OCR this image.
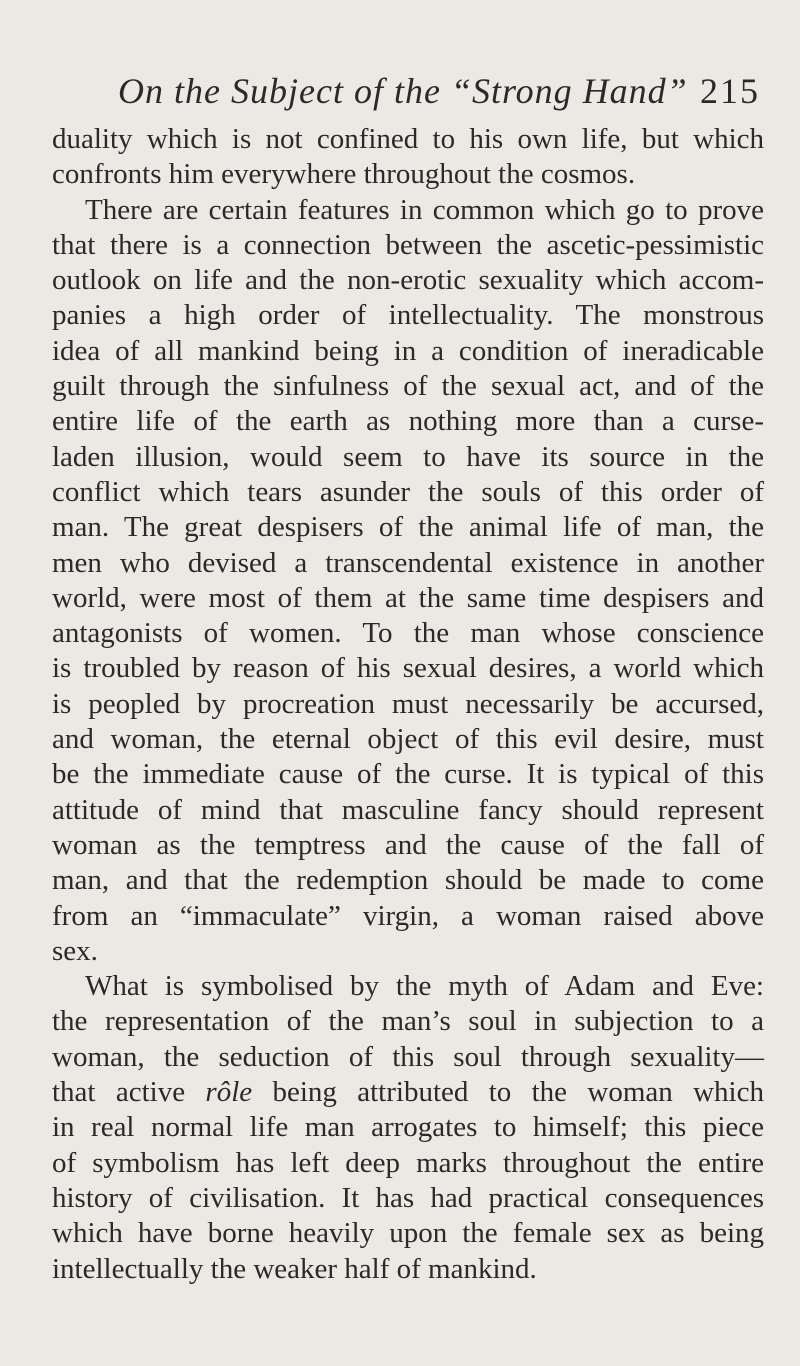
On the Subject of the “Strong Hand” 215
duality which is not confined to his own life, but which
confronts him everywhere throughout the cosmos.
There are certain features in common which go to prove
that there is a connection between the ascetic-pessimistic
outlook on life and the non-erotic sexuality which accom-
panies a high order of intellectuality. The monstrous
idea of all mankind being in a condition of ineradicable
guilt through the sinfulness of the sexual act, and of the
entire life of the earth as nothing more than a curse-
laden illusion, would seem to have its source in the
conflict which tears asunder the souls of this order of
man. The great despisers of the animal life of man, the
men who devised a transcendental existence in another
world, were most of them at the same time despisers and
antagonists of women. To the man whose conscience
is troubled by reason of his sexual desires, a world which
is peopled by procreation must necessarily be accursed,
and woman, the eternal object of this evil desire, must
be the immediate cause of the curse. It is typical of this
attitude of mind that masculine fancy should represent
woman as the temptress and the cause of the fall of
man, and that the redemption should be made to come
from an “immaculate” virgin, a woman raised above
sex.
What is symbolised by the myth of Adam and Eve:
the representation of the man’s soul in subjection to a
woman, the seduction of this soul through sexuality—
that active rôle being attributed to the woman which
in real normal life man arrogates to himself; this piece
of symbolism has left deep marks throughout the entire
history of civilisation. It has had practical consequences
which have borne heavily upon the female sex as being
intellectually the weaker half of mankind.
